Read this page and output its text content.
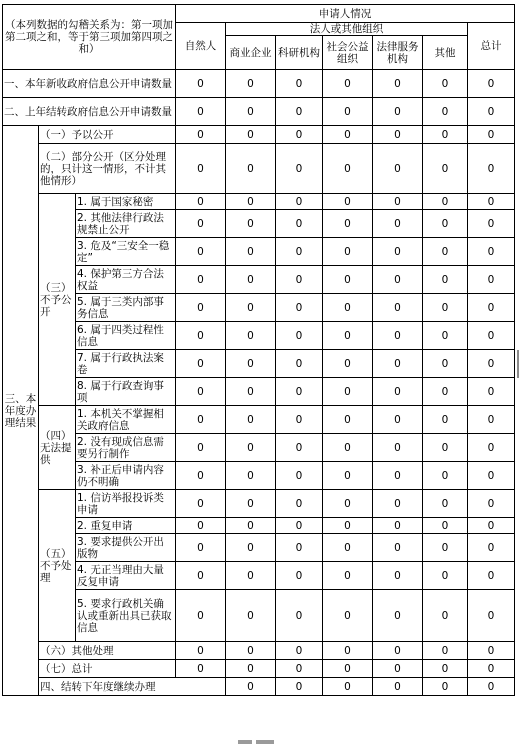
（本列数据的勾稽关系为：第一项加第二项之和，等于第三项加第四项之和）			申请人情况							
			自然人	法人或其他组织					总计	
				商业企业	科研机构	社会公益组织	法律服务机构	其他		
一、本年新收政府信息公开申请数量			0	0	0	0	0	0	0	
二、上年结转政府信息公开申请数量			0	0	0	0	0	0	0	
三、本年度办理结果	（一）予以公开		0	0	0	0	0	0	0	
	（二）部分公开（区分处理的，只计这一情形，不计其他情形）		0	0	0	0	0	0	0	
	（三）不予公开	1. 属于国家秘密	0	0	0	0	0	0	0	
		2. 其他法律行政法规禁止公开	0	0	0	0	0	0	0	
		3. 危及“三安全一稳定”	0	0	0	0	0	0	0	
		4. 保护第三方合法权益	0	0	0	0	0	0	0	
		5. 属于三类内部事务信息	0	0	0	0	0	0	0	
		6. 属于四类过程性信息	0	0	0	0	0	0	0	
		7. 属于行政执法案卷	0	0	0	0	0	0	0	
		8. 属于行政查询事项	0	0	0	0	0	0	0	
	（四）无法提供	1. 本机关不掌握相关政府信息	0	0	0	0	0	0	0	
		2. 没有现成信息需要另行制作	0	0	0	0	0	0	0	
		3. 补正后申请内容仍不明确	0	0	0	0	0	0	0	
	（五）不予处理	1. 信访举报投诉类申请	0	0	0	0	0	0	0	
		2. 重复申请	0	0	0	0	0	0	0	
		3. 要求提供公开出版物	0	0	0	0	0	0	0	
		4. 无正当理由大量反复申请	0	0	0	0	0	0	0	
		5. 要求行政机关确认或重新出具已获取信息	0	0	0	0	0	0	0	
	（六）其他处理		0	0	0	0	0	0	0	
	（七）总计		0	0	0	0	0	0	0	
	四、结转下年度继续办理			0	0	0	0	0	0	
